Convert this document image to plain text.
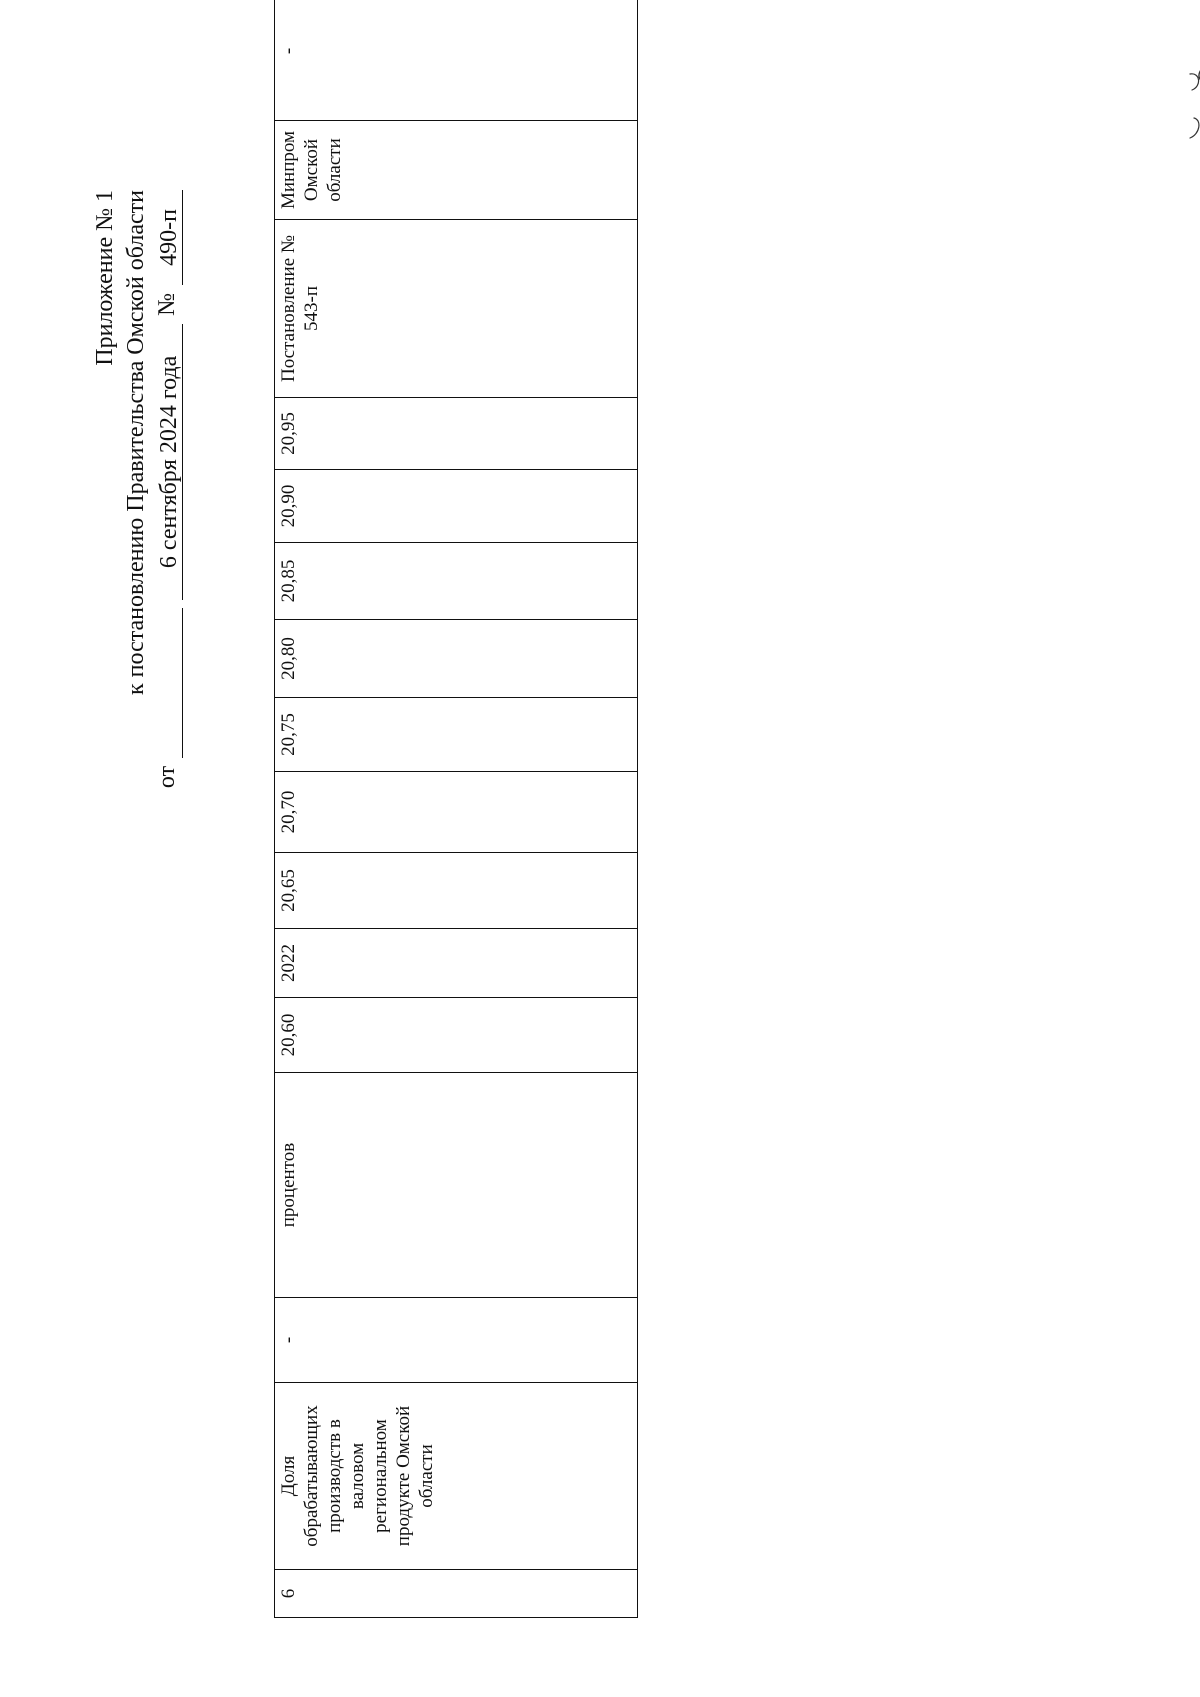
Приложение № 1 к постановлению Правительства Омской области
от

6 сентября 2024 года
№
490-п
6	Доля обрабатывающих производств в валовом региональном продукте Омской области	-	процентов	20,60	2022	20,65	20,70	20,75	20,80	20,85	20,90	20,95	Постановление № 543-п	Минпром Омской области	-
